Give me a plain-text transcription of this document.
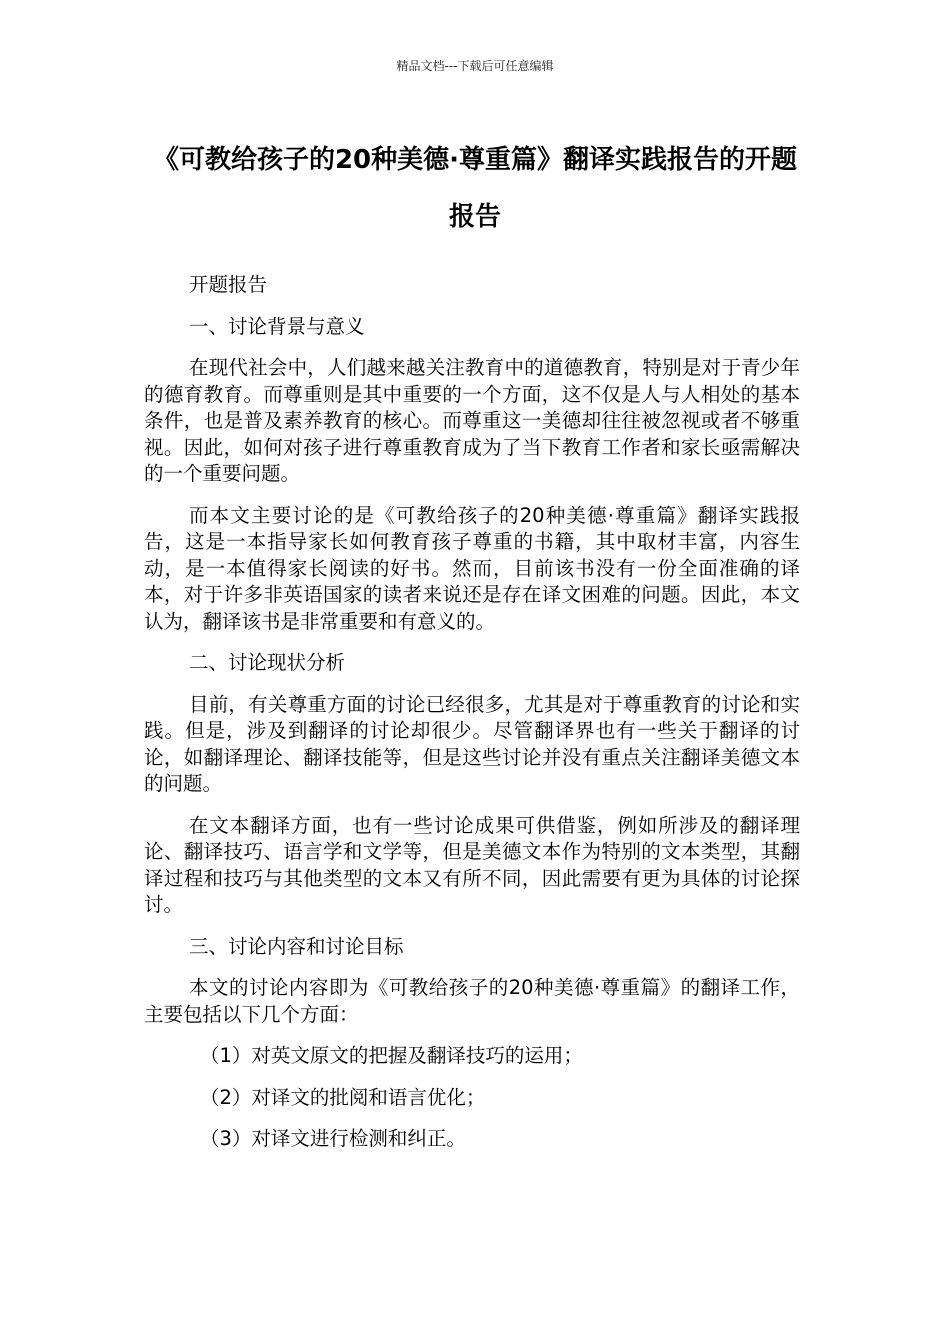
精品文档---下载后可任意编辑
《可教给孩子的20种美德·尊重篇》翻译实践报告的开题报告

开题报告

一、讨论背景与意义

在现代社会中，人们越来越关注教育中的道德教育，特别是对于青少年的德育教育。而尊重则是其中重要的一个方面，这不仅是人与人相处的基本条件，也是普及素养教育的核心。而尊重这一美德却往往被忽视或者不够重视。因此，如何对孩子进行尊重教育成为了当下教育工作者和家长亟需解决的一个重要问题。

而本文主要讨论的是《可教给孩子的20种美德·尊重篇》翻译实践报告，这是一本指导家长如何教育孩子尊重的书籍，其中取材丰富，内容生动，是一本值得家长阅读的好书。然而，目前该书没有一份全面准确的译本，对于许多非英语国家的读者来说还是存在译文困难的问题。因此，本文认为，翻译该书是非常重要和有意义的。

二、讨论现状分析

目前，有关尊重方面的讨论已经很多，尤其是对于尊重教育的讨论和实践。但是，涉及到翻译的讨论却很少。尽管翻译界也有一些关于翻译的讨论，如翻译理论、翻译技能等，但是这些讨论并没有重点关注翻译美德文本的问题。

在文本翻译方面，也有一些讨论成果可供借鉴，例如所涉及的翻译理论、翻译技巧、语言学和文学等，但是美德文本作为特别的文本类型，其翻译过程和技巧与其他类型的文本又有所不同，因此需要有更为具体的讨论探讨。

三、讨论内容和讨论目标

本文的讨论内容即为《可教给孩子的20种美德·尊重篇》的翻译工作，主要包括以下几个方面：

（1）对英文原文的把握及翻译技巧的运用；

（2）对译文的批阅和语言优化；

（3）对译文进行检测和纠正。
